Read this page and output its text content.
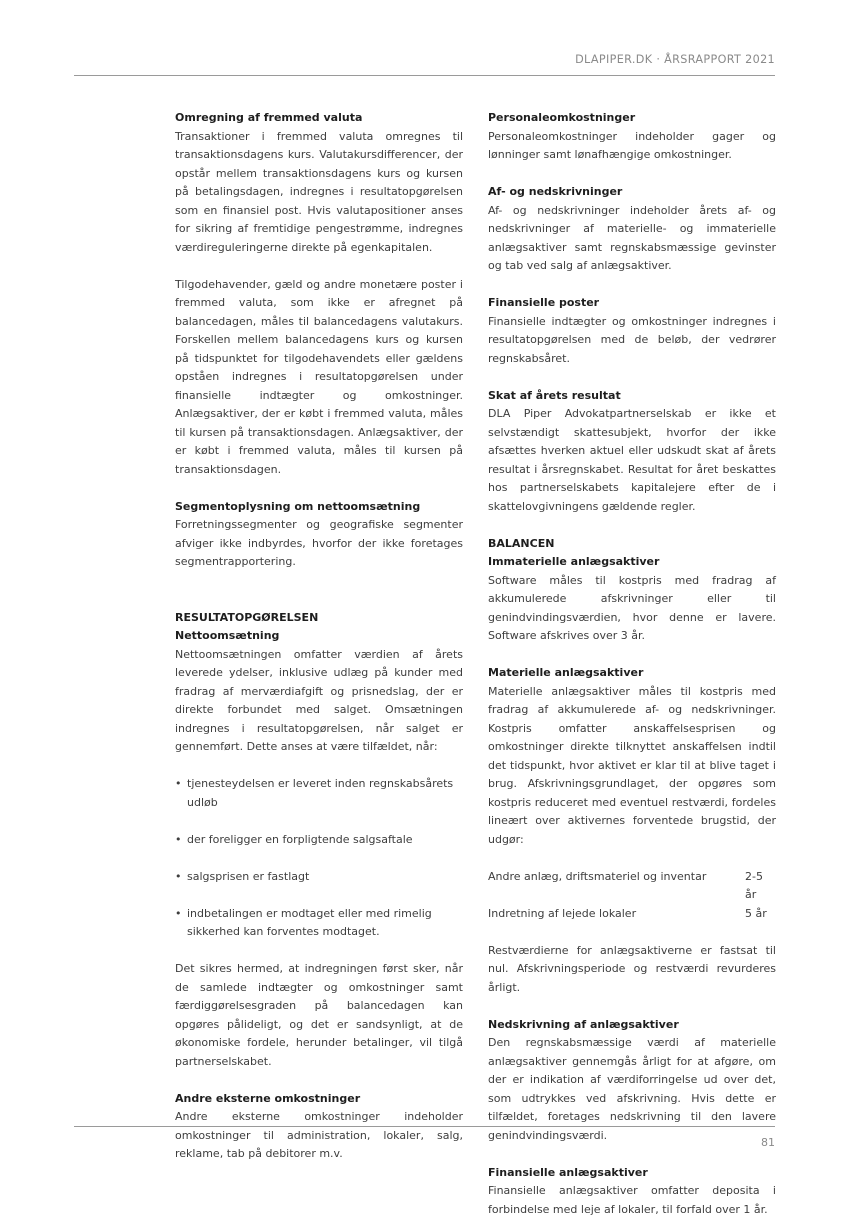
DLAPIPER.DK · ÅRSRAPPORT 2021
Omregning af fremmed valuta

Transaktioner i fremmed valuta omregnes til transaktionsdagens kurs. Valutakursdifferencer, der opstår mellem transaktionsdagens kurs og kursen på betalingsdagen, indregnes i resultatopgørelsen som en finansiel post. Hvis valutapositioner anses for sikring af fremtidige pengestrømme, indregnes værdireguleringerne direkte på egenkapitalen.

Tilgodehavender, gæld og andre monetære poster i fremmed valuta, som ikke er afregnet på balancedagen, måles til balancedagens valutakurs. Forskellen mellem balancedagens kurs og kursen på tidspunktet for tilgodehavendets eller gældens opståen indregnes i resultatopgørelsen under finansielle indtægter og omkostninger. Anlægsaktiver, der er købt i fremmed valuta, måles til kursen på transaktionsdagen. Anlægsaktiver, der er købt i fremmed valuta, måles til kursen på transaktionsdagen.

Segmentoplysning om nettoomsætning

Forretningssegmenter og geografiske segmenter afviger ikke indbyrdes, hvorfor der ikke foretages segmentrapportering.

RESULTATOPGØRELSEN
Nettoomsætning

Nettoomsætningen omfatter værdien af årets leverede ydelser, inklusive udlæg på kunder med fradrag af merværdiafgift og prisnedslag, der er direkte forbundet med salget. Omsætningen indregnes i resultatopgørelsen, når salget er gennemført. Dette anses at være tilfældet, når:

• tjenesteydelsen er leveret inden regnskabsårets udløb
• der foreligger en forpligtende salgsaftale
• salgsprisen er fastlagt
• indbetalingen er modtaget eller med rimelig sikkerhed kan forventes modtaget.

Det sikres hermed, at indregningen først sker, når de samlede indtægter og omkostninger samt færdiggørelsesgraden på balancedagen kan opgøres pålideligt, og det er sandsynligt, at de økonomiske fordele, herunder betalinger, vil tilgå partnerselskabet.

Andre eksterne omkostninger

Andre eksterne omkostninger indeholder omkostninger til administration, lokaler, salg, reklame, tab på debitorer m.v.

Personaleomkostninger

Personaleomkostninger indeholder gager og lønninger samt lønafhængige omkostninger.

Af- og nedskrivninger

Af- og nedskrivninger indeholder årets af- og nedskrivninger af materielle- og immaterielle anlægsaktiver samt regnskabsmæssige gevinster og tab ved salg af anlægsaktiver.

Finansielle poster

Finansielle indtægter og omkostninger indregnes i resultatopgørelsen med de beløb, der vedrører regnskabsåret.

Skat af årets resultat

DLA Piper Advokatpartnerselskab er ikke et selvstændigt skattesubjekt, hvorfor der ikke afsættes hverken aktuel eller udskudt skat af årets resultat i årsregnskabet. Resultat for året beskattes hos partnerselskabets kapitalejere efter de i skattelovgivningens gældende regler.

BALANCEN
Immaterielle anlægsaktiver

Software måles til kostpris med fradrag af akkumulerede afskrivninger eller til genindvindingsværdien, hvor denne er lavere. Software afskrives over 3 år.

Materielle anlægsaktiver

Materielle anlægsaktiver måles til kostpris med fradrag af akkumulerede af- og nedskrivninger. Kostpris omfatter anskaffelsesprisen og omkostninger direkte tilknyttet anskaffelsen indtil det tidspunkt, hvor aktivet er klar til at blive taget i brug. Afskrivningsgrundlaget, der opgøres som kostpris reduceret med eventuel restværdi, fordeles lineært over aktivernes forventede brugstid, der udgør:

Andre anlæg, driftsmateriel og inventar	2-5 år
Indretning af lejede lokaler	5 år

Restværdierne for anlægsaktiverne er fastsat til nul. Afskrivningsperiode og restværdi revurderes årligt.

Nedskrivning af anlægsaktiver

Den regnskabsmæssige værdi af materielle anlægsaktiver gennemgås årligt for at afgøre, om der er indikation af værdiforringelse ud over det, som udtrykkes ved afskrivning. Hvis dette er tilfældet, foretages nedskrivning til den lavere genindvindingsværdi.

Finansielle anlægsaktiver

Finansielle anlægsaktiver omfatter deposita i forbindelse med leje af lokaler, til forfald over 1 år.

81
